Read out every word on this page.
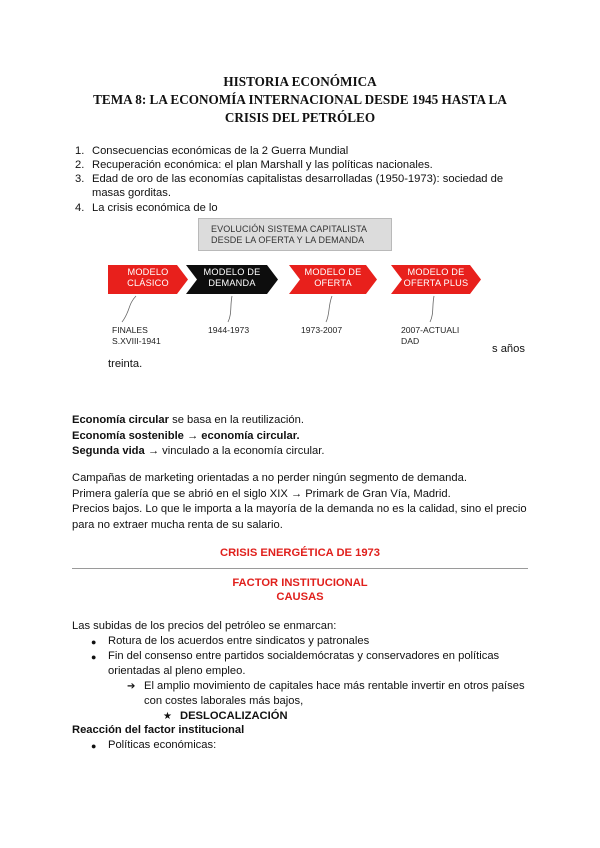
HISTORIA ECONÓMICA
TEMA 8: LA ECONOMÍA INTERNACIONAL DESDE 1945 HASTA LA
CRISIS DEL PETRÓLEO
1. Consecuencias económicas de la 2 Guerra Mundial
2. Recuperación económica: el plan Marshall y las políticas nacionales.
3. Edad de oro de las economías capitalistas desarrolladas (1950-1973): sociedad de
masas gorditas.
4. La crisis económica de lo
EVOLUCIÓN SISTEMA CAPITALISTA
DESDE LA OFERTA Y LA DEMANDA
MODELO
CLÁSICO
MODELO DE
DEMANDA
MODELO DE
OFERTA
MODELO DE
OFERTA PLUS
FINALES
S.XVIII-1941
1944-1973	1973-2007	2007-ACTUALI
DAD
s años
treinta.
Economía circular se basa en la reutilización.
Economía sostenible → economía circular.
Segunda vida → vinculado a la economía circular.
Campañas de marketing orientadas a no perder ningún segmento de demanda.
Primera galería que se abrió en el siglo XIX → Primark de Gran Vía, Madrid.
Precios bajos. Lo que le importa a la mayoría de la demanda no es la calidad, sino el precio
para no extraer mucha renta de su salario.
CRISIS ENERGÉTICA DE 1973
FACTOR INSTITUCIONAL
CAUSAS
Las subidas de los precios del petróleo se enmarcan:
● Rotura de los acuerdos entre sindicatos y patronales
● Fin del consenso entre partidos socialdemócratas y conservadores en políticas
orientadas al pleno empleo.
➔ El amplio movimiento de capitales hace más rentable invertir en otros países
con costes laborales más bajos,
★ DESLOCALIZACIÓN
Reacción del factor institucional
● Políticas económicas:
